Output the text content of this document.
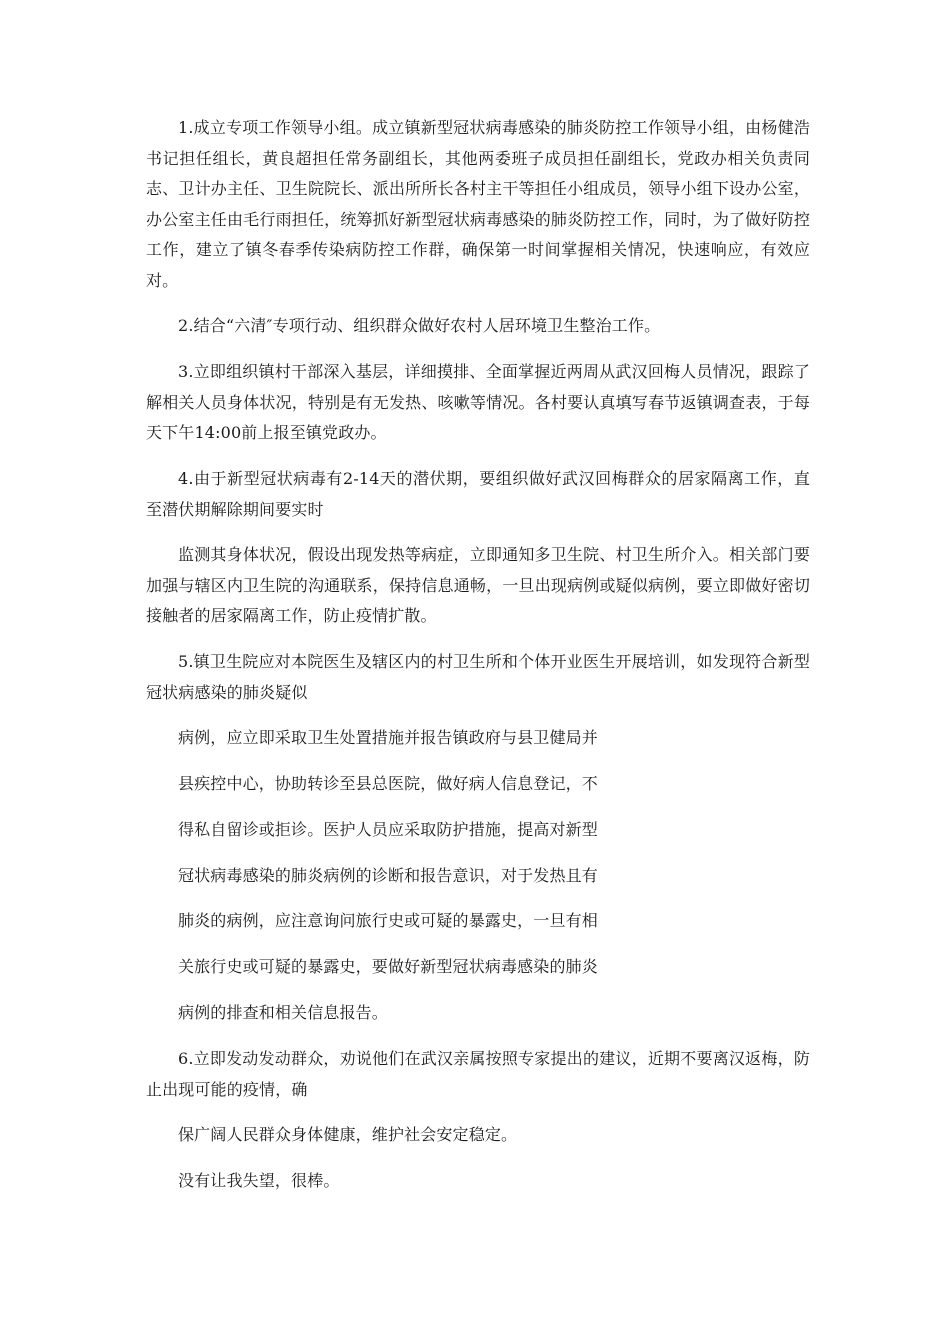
1.成立专项工作领导小组。成立镇新型冠状病毒感染的肺炎防控工作领导小组，由杨健浩书记担任组长，黄良超担任常务副组长，其他两委班子成员担任副组长，党政办相关负责同志、卫计办主任、卫生院院长、派出所所长各村主干等担任小组成员，领导小组下设办公室，办公室主任由毛行雨担任，统筹抓好新型冠状病毒感染的肺炎防控工作，同时，为了做好防控工作，建立了镇冬春季传染病防控工作群，确保第一时间掌握相关情况，快速响应，有效应对。

2.结合“六清″专项行动、组织群众做好农村人居环境卫生整治工作。

3.立即组织镇村干部深入基层，详细摸排、全面掌握近两周从武汉回梅人员情况，跟踪了解相关人员身体状况，特别是有无发热、咳嗽等情况。各村要认真填写春节返镇调查表，于每天下午14:00前上报至镇党政办。

4.由于新型冠状病毒有2-14天的潜伏期，要组织做好武汉回梅群众的居家隔离工作，直至潜伏期解除期间要实时

监测其身体状况，假设出现发热等病症，立即通知多卫生院、村卫生所介入。相关部门要加强与辖区内卫生院的沟通联系，保持信息通畅，一旦出现病例或疑似病例，要立即做好密切接触者的居家隔离工作，防止疫情扩散。

5.镇卫生院应对本院医生及辖区内的村卫生所和个体开业医生开展培训，如发现符合新型冠状病感染的肺炎疑似

病例，应立即采取卫生处置措施并报告镇政府与县卫健局并

县疾控中心，协助转诊至县总医院，做好病人信息登记，不

得私自留诊或拒诊。医护人员应采取防护措施，提高对新型

冠状病毒感染的肺炎病例的诊断和报告意识，对于发热且有

肺炎的病例，应注意询问旅行史或可疑的暴露史，一旦有相

关旅行史或可疑的暴露史，要做好新型冠状病毒感染的肺炎

病例的排查和相关信息报告。

6.立即发动发动群众，劝说他们在武汉亲属按照专家提出的建议，近期不要离汉返梅，防止出现可能的疫情，确

保广阔人民群众身体健康，维护社会安定稳定。

没有让我失望，很棒。
